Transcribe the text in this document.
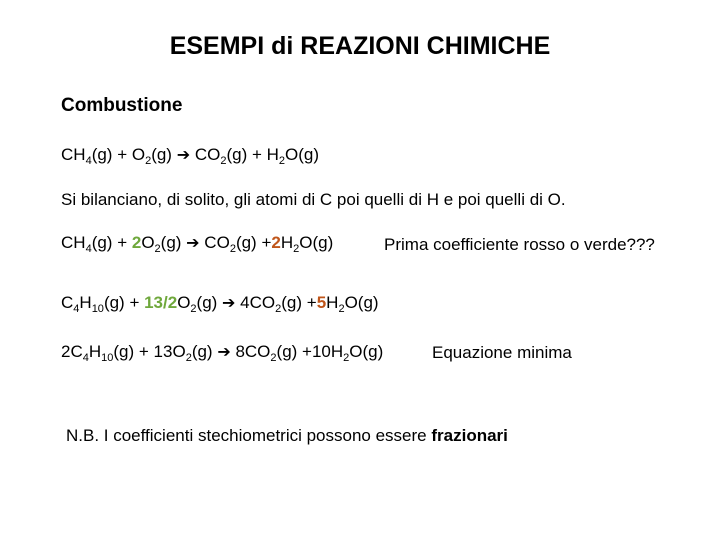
ESEMPI di REAZIONI CHIMICHE
Combustione
$CH_4(g) + O_2(g)$ ➔ $CO_2(g) + H_2O(g)$
Si bilanciano, di solito, gli atomi di C poi quelli di H e poi quelli di O.
$CH_4(g) + 2O_2(g)$ ➔ $CO_2(g) +2H_2O(g)$	Prima coefficiente rosso o verde???
$C_4H_{10}(g) + 13/2O_2(g)$ ➔ $4CO_2(g) +5H_2O(g)$
$2C_4H_{10}(g) + 13O_2(g)$ ➔ $8CO_2(g) +10H_2O(g)$	Equazione minima
N.B. I coefficienti stechiometrici possono essere frazionari
